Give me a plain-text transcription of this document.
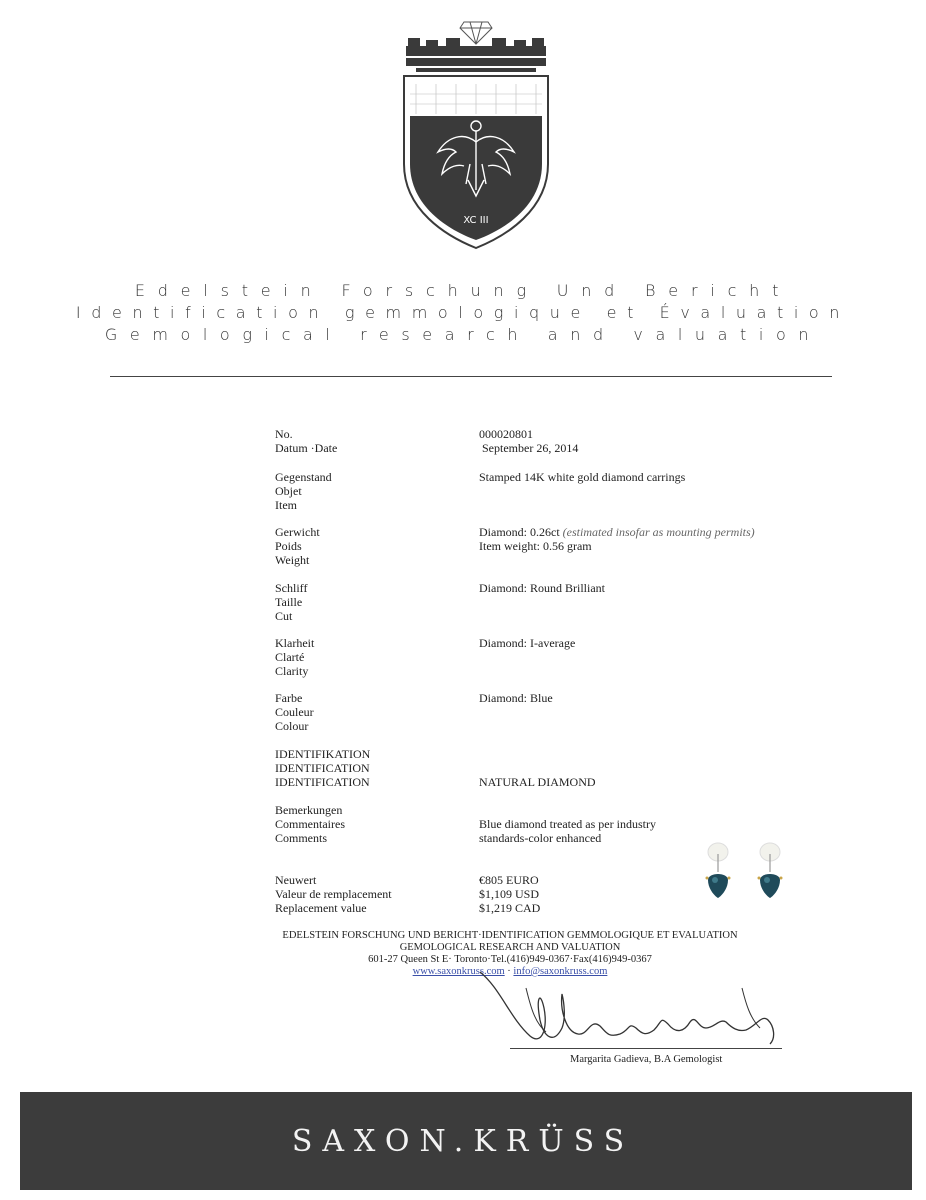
XC III
Edelstein Forschung Und Bericht
Identification gemmologique et Évaluation
Gemological research and valuation
No.
Datum ·Date
000020801
September 26, 2014
Gegenstand
Objet
Item
Stamped 14K white gold diamond carrings
Gerwicht
Poids
Weight
Diamond: 0.26ct (estimated insofar as mounting permits)
Item weight: 0.56 gram
Schliff
Taille
Cut
Diamond: Round Brilliant
Klarheit
Clarté
Clarity
Diamond: I-average
Farbe
Couleur
Colour
Diamond: Blue
IDENTIFIKATION
IDENTIFICATION
IDENTIFICATION	NATURAL DIAMOND
Bemerkungen
Commentaires
Comments
Blue diamond treated as per industry
standards-color enhanced
Neuwert
Valeur de remplacement
Replacement value
€805 EURO
$1,109 USD
$1,219 CAD
EDELSTEIN FORSCHUNG UND BERICHT·IDENTIFICATION GEMMOLOGIQUE ET EVALUATION
GEMOLOGICAL RESEARCH AND VALUATION
601-27 Queen St E· Toronto·Tel.(416)949-0367·Fax(416)949-0367
www.saxonkruss.com · info@saxonkruss.com
Margarita Gadieva, B.A Gemologist
SAXON.KRÜSS
